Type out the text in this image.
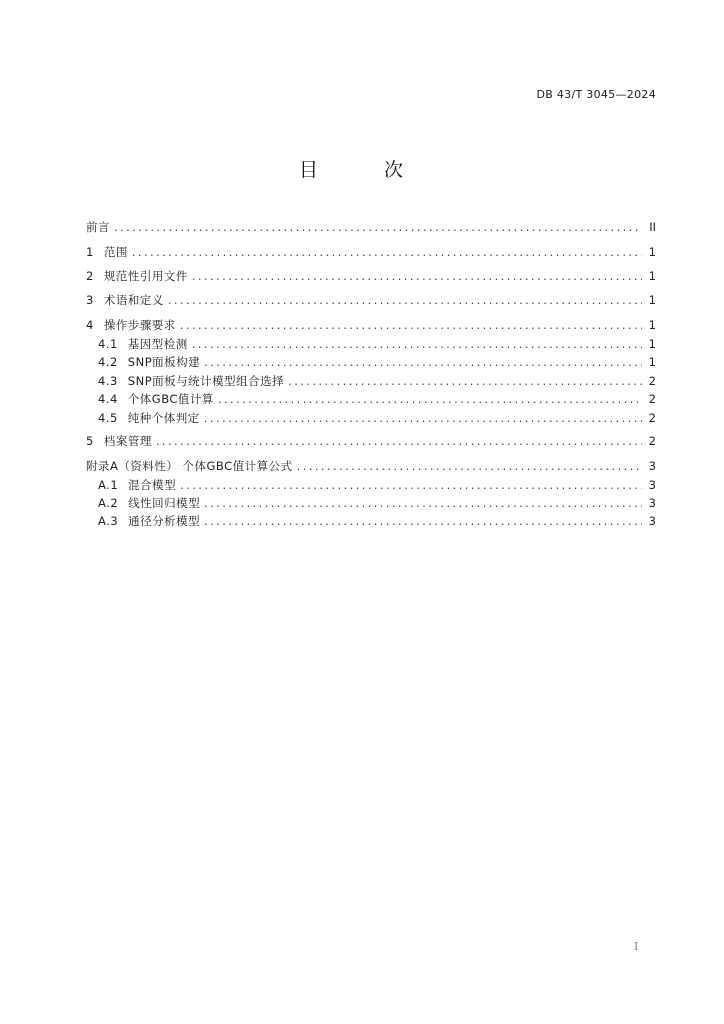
DB 43/T 3045—2024
目 次
前言 .....	II
1 范围 .....	1
2 规范性引用文件 .....	1
3 术语和定义 .....	1
4 操作步骤要求 .....	1
4.1 基因型检测 .....	1
4.2 SNP面板构建 .....	1
4.3 SNP面板与统计模型组合选择 .....	2
4.4 个体GBC值计算 .....	2
4.5 纯种个体判定 .....	2
5 档案管理 .....	2
附录A（资料性） 个体GBC值计算公式 .....	3
A.1 混合模型 .....	3
A.2 线性回归模型 .....	3
A.3 通径分析模型 .....	3
I
